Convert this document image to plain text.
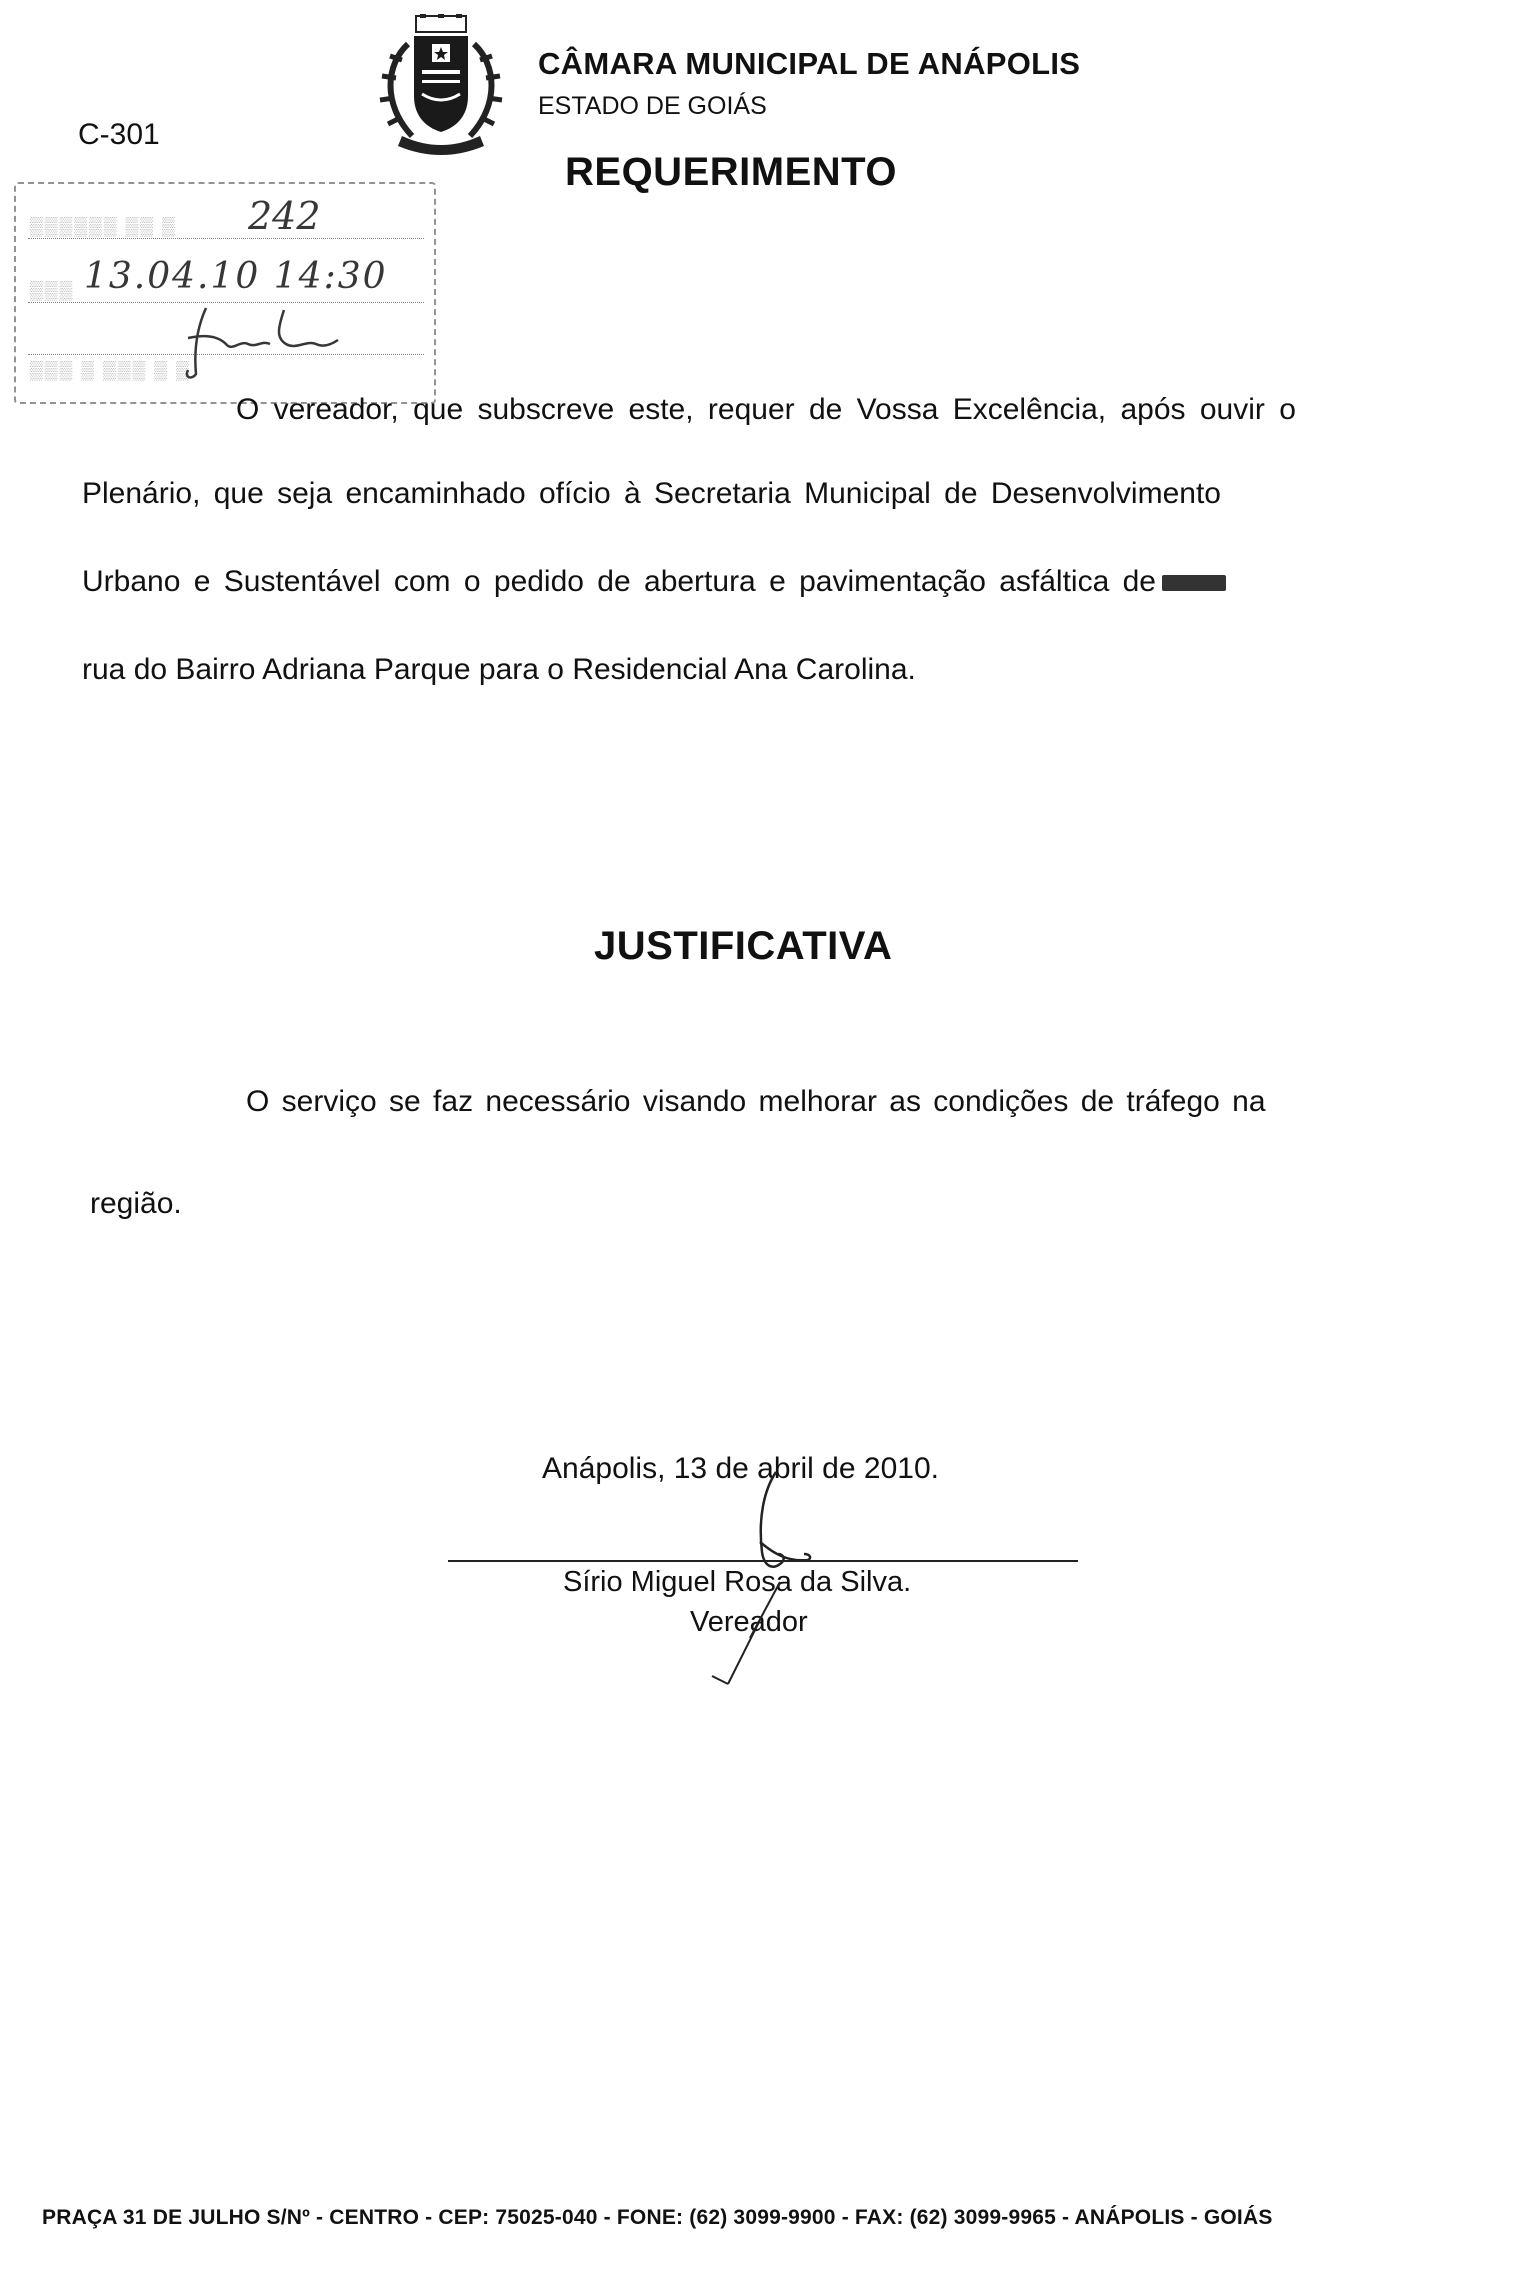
CÂMARA MUNICIPAL DE ANÁPOLIS
ESTADO DE GOIÁS
C-301
REQUERIMENTO
▒▒▒▒▒▒ ▒▒ ▒
▒▒▒
▒▒▒ ▒ ▒▒▒ ▒ ▒
242
13.04.10 14:30
O vereador, que subscreve este, requer de Vossa Excelência, após ouvir o
Plenário, que seja encaminhado ofício à Secretaria Municipal de Desenvolvimento
Urbano e Sustentável com o pedido de abertura e pavimentação asfáltica de
rua do Bairro Adriana Parque para o Residencial Ana Carolina.
JUSTIFICATIVA
O serviço se faz necessário visando melhorar as condições de tráfego na
região.
Anápolis, 13 de abril de 2010.
Sírio Miguel Rosa da Silva.
Vereador
PRAÇA 31 DE JULHO S/Nº - CENTRO - CEP: 75025-040 - FONE: (62) 3099-9900 - FAX: (62) 3099-9965 - ANÁPOLIS - GOIÁS
